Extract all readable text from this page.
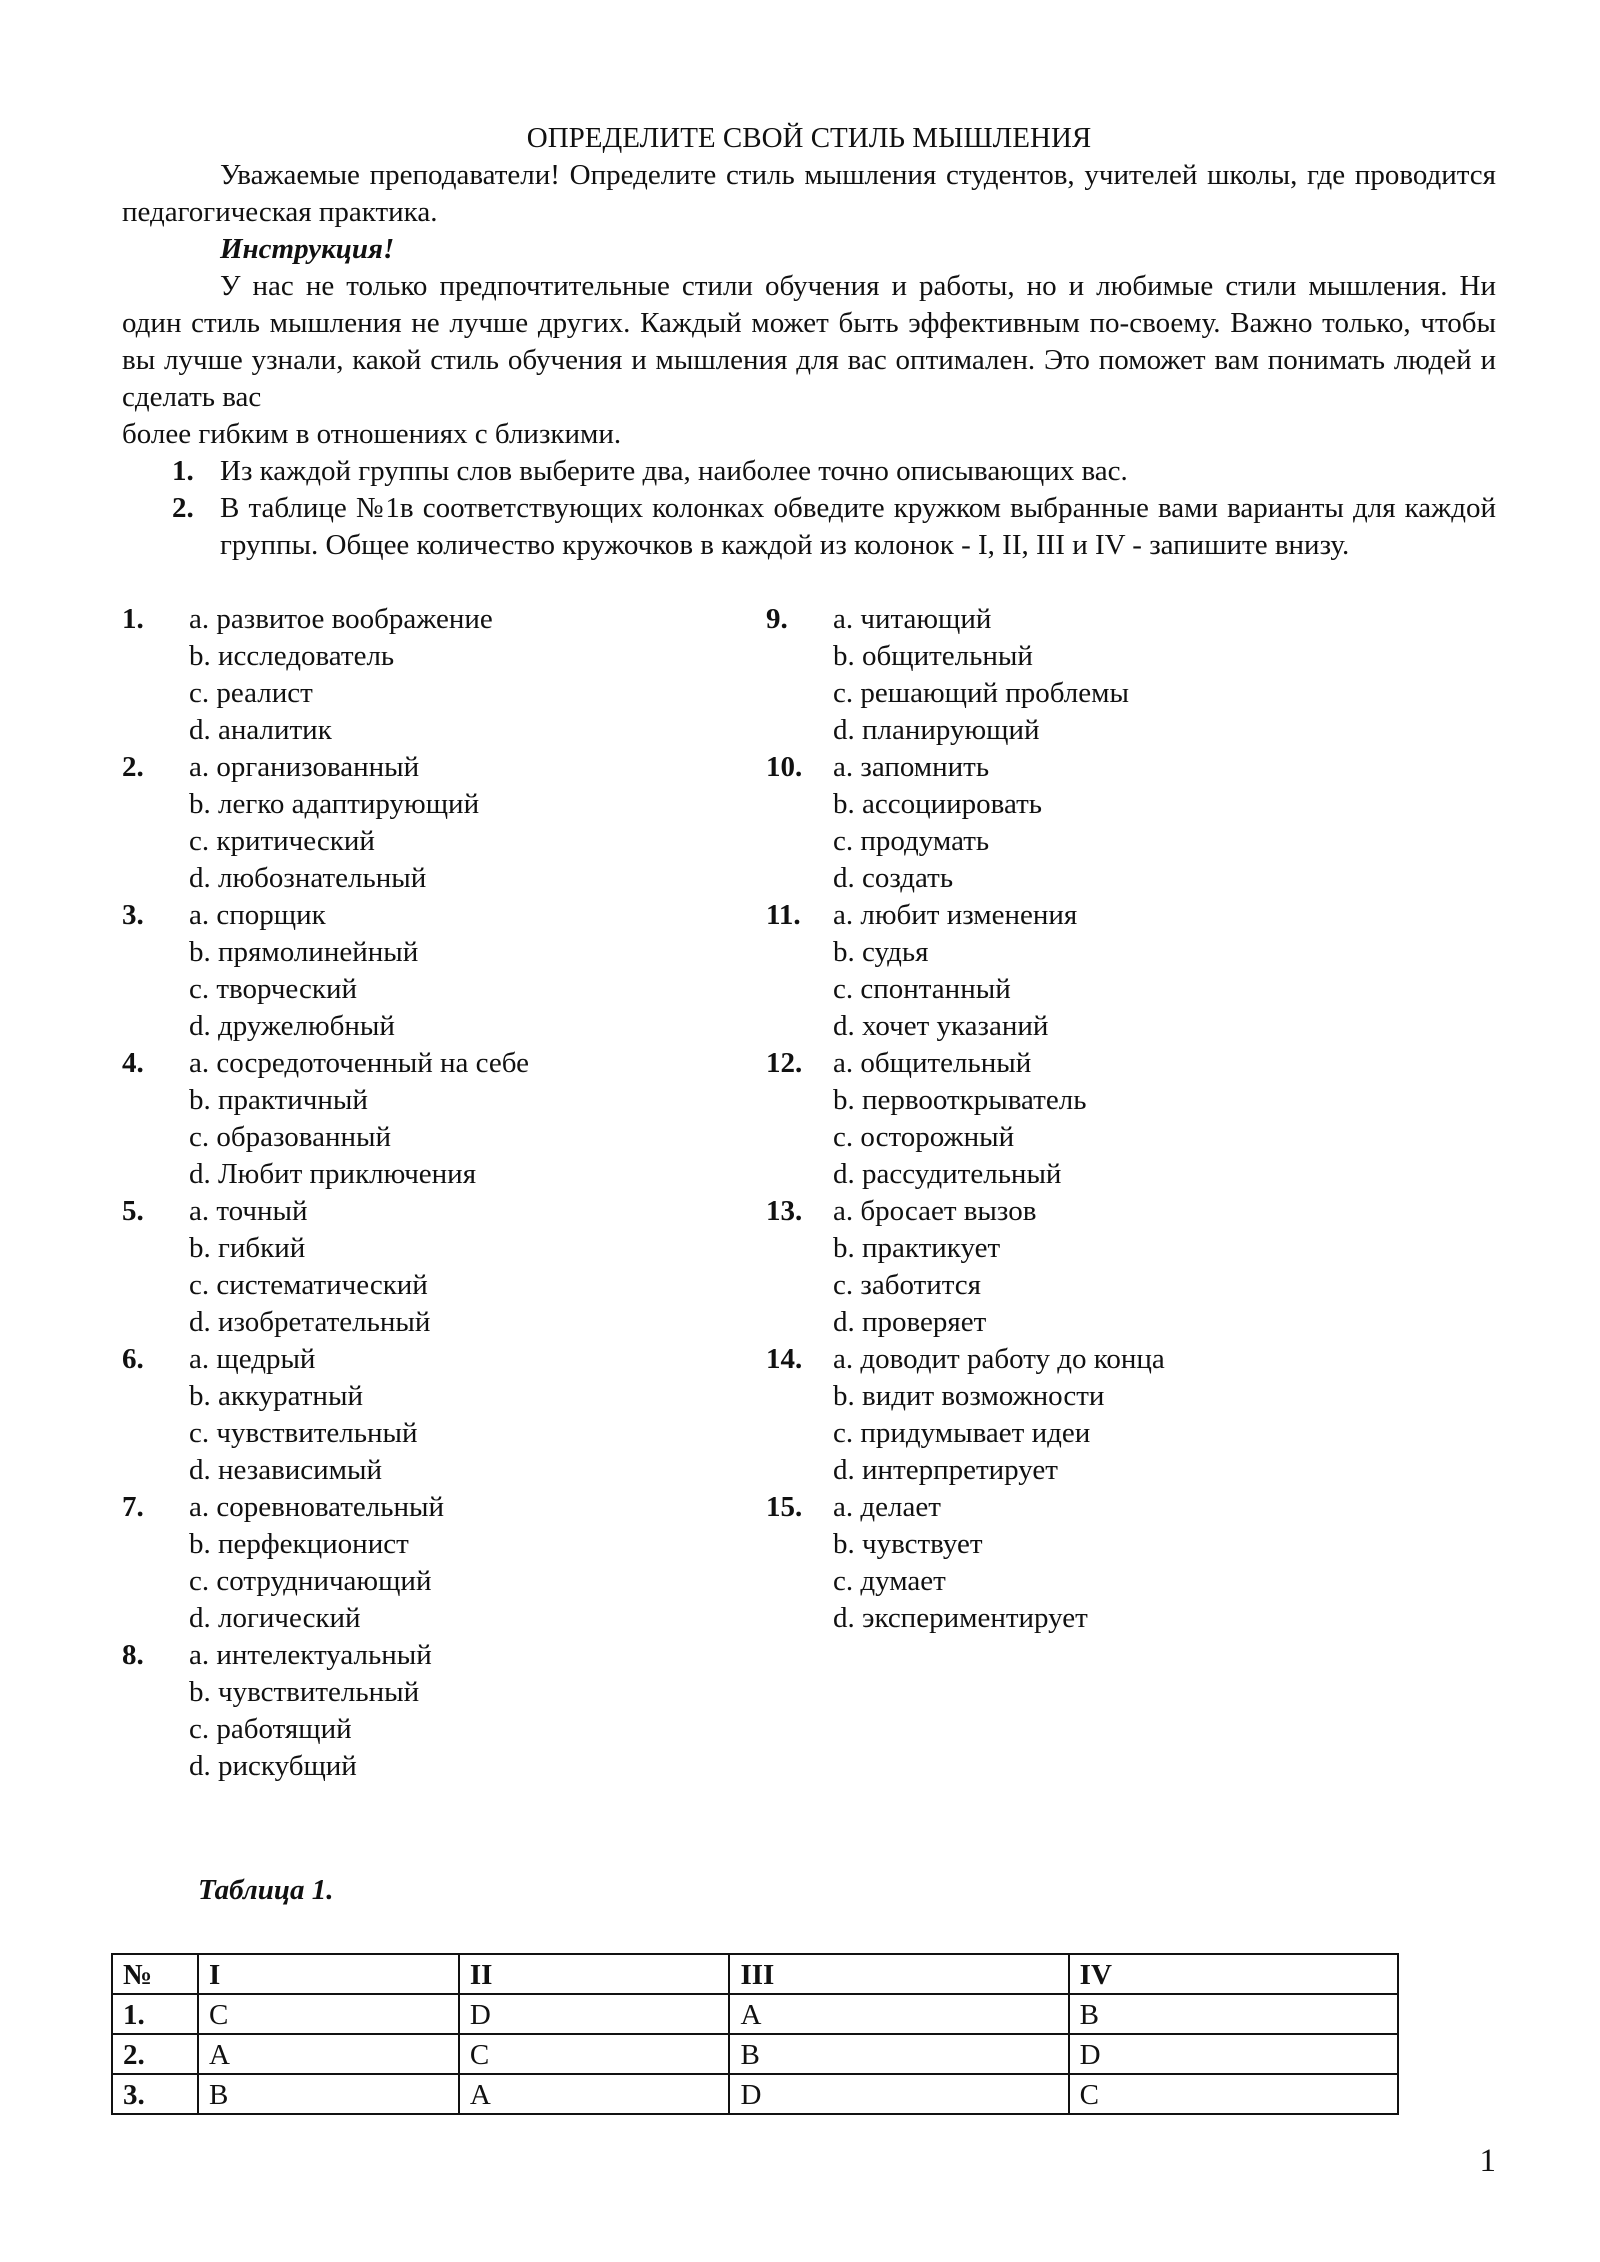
ОПРЕДЕЛИТЕ СВОЙ СТИЛЬ МЫШЛЕНИЯ

Уважаемые преподаватели! Определите стиль мышления студентов, учителей школы, где проводится педагогическая практика.

Инструкция!

У нас не только предпочтительные стили обучения и работы, но и любимые стили мышления. Ни один стиль мышления не лучше других. Каждый может быть эффективным по-своему. Важно только, чтобы вы лучше узнали, какой стиль обучения и мышления для вас оптимален. Это поможет вам понимать людей и сделать вас

более гибким в отношениях с близкими.

1. Из каждой группы слов выберите два, наиболее точно описывающих вас.
2. В таблице №1в соответствующих колонках обведите кружком выбранные вами варианты для каждой группы. Общее количество кружочков в каждой из колонок - I, II, III и IV - запишите внизу.
1. a. развитое воображение
b. исследователь
c. реалист
d. аналитик
2. a. организованный
b. легко адаптирующий
c. критический
d. любознательный
3. a. спорщик
b. прямолинейный
c. творческий
d. дружелюбный
4. a. сосредоточенный на себе
b. практичный
c. образованный
d. Любит приключения
5. a. точный
b. гибкий
c. систематический
d. изобретательный
6. a. щедрый
b. аккуратный
c. чувствительный
d. независимый
7. a. соревновательный
b. перфекционист
c. сотрудничающий
d. логический
8. a. интелектуальный
b. чувствительный
c. работящий
d. рискубщий
9. a. читающий
b. общительный
c. решающий проблемы
d. планирующий
10. a. запомнить
b. ассоциировать
c. продумать
d. создать
11. a. любит изменения
b. судья
c. спонтанный
d. хочет указаний
12. a. общительный
b. первооткрыватель
c. осторожный
d. рассудительный
13. a. бросает вызов
b. практикует
c. заботится
d. проверяет
14. a. доводит работу до конца
b. видит возможности
c. придумывает идеи
d. интерпретирует
15. a. делает
b. чувствует
c. думает
d. экспериментирует
Таблица 1.
№	I	II	III	IV
1.	C	D	A	B
2.	A	C	B	D
3.	B	A	D	C
1
